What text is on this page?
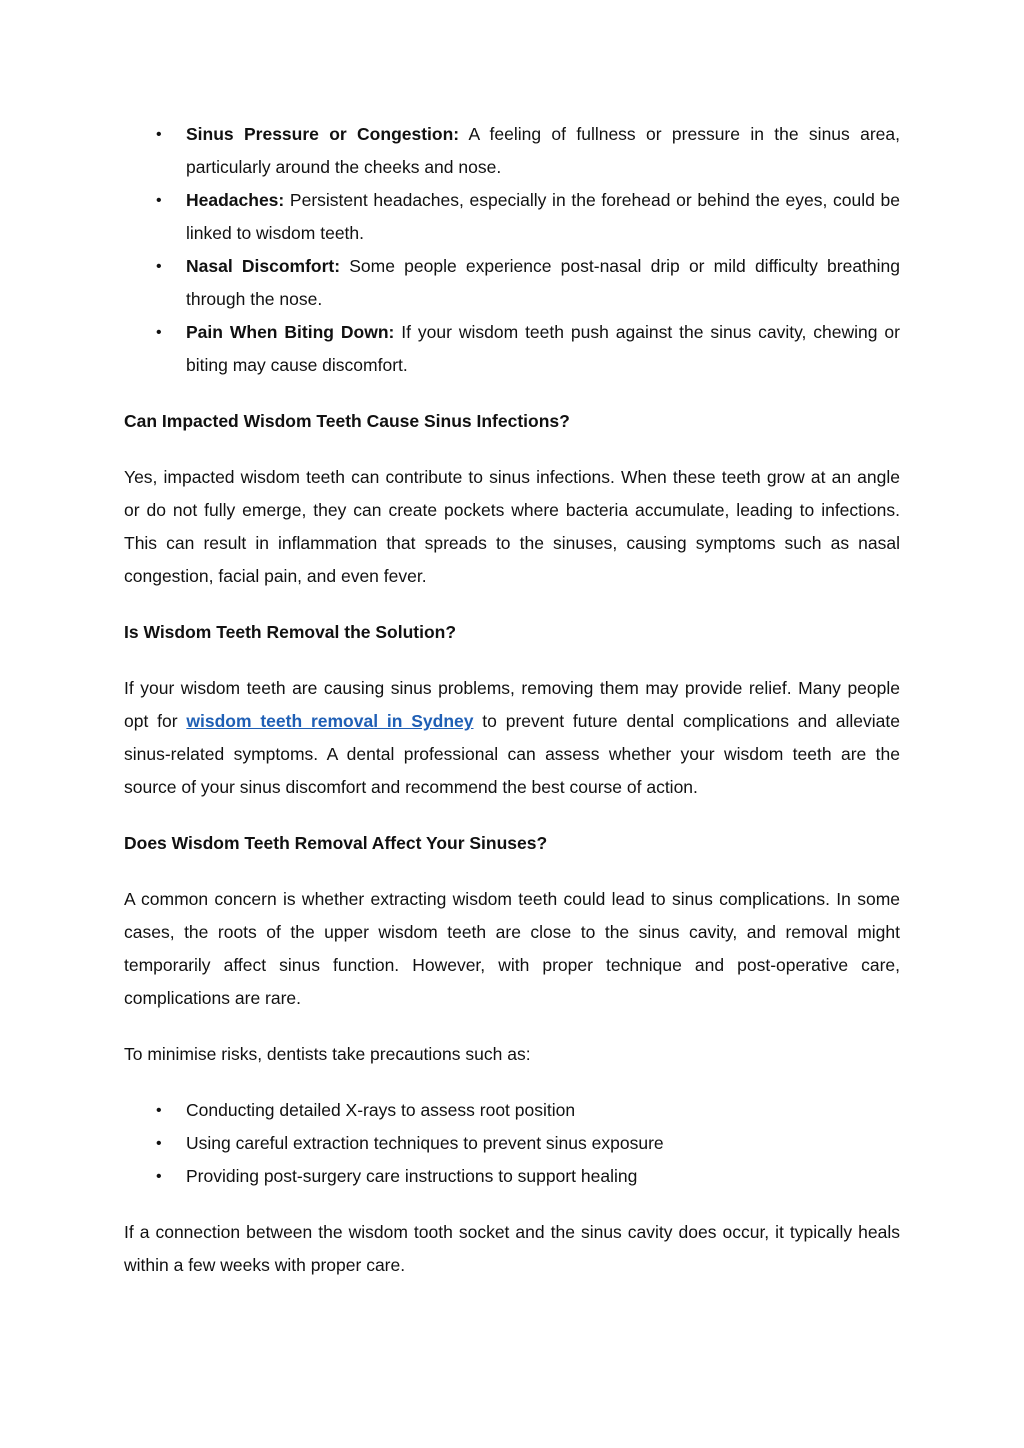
• Sinus Pressure or Congestion: A feeling of fullness or pressure in the sinus area, particularly around the cheeks and nose.
• Headaches: Persistent headaches, especially in the forehead or behind the eyes, could be linked to wisdom teeth.
• Nasal Discomfort: Some people experience post-nasal drip or mild difficulty breathing through the nose.
• Pain When Biting Down: If your wisdom teeth push against the sinus cavity, chewing or biting may cause discomfort.
Can Impacted Wisdom Teeth Cause Sinus Infections?

Yes, impacted wisdom teeth can contribute to sinus infections. When these teeth grow at an angle or do not fully emerge, they can create pockets where bacteria accumulate, leading to infections. This can result in inflammation that spreads to the sinuses, causing symptoms such as nasal congestion, facial pain, and even fever.

Is Wisdom Teeth Removal the Solution?

If your wisdom teeth are causing sinus problems, removing them may provide relief. Many people opt for wisdom teeth removal in Sydney to prevent future dental complications and alleviate sinus-related symptoms. A dental professional can assess whether your wisdom teeth are the source of your sinus discomfort and recommend the best course of action.

Does Wisdom Teeth Removal Affect Your Sinuses?

A common concern is whether extracting wisdom teeth could lead to sinus complications. In some cases, the roots of the upper wisdom teeth are close to the sinus cavity, and removal might temporarily affect sinus function. However, with proper technique and post-operative care, complications are rare.

To minimise risks, dentists take precautions such as:

• Conducting detailed X-rays to assess root position
• Using careful extraction techniques to prevent sinus exposure
• Providing post-surgery care instructions to support healing

If a connection between the wisdom tooth socket and the sinus cavity does occur, it typically heals within a few weeks with proper care.
